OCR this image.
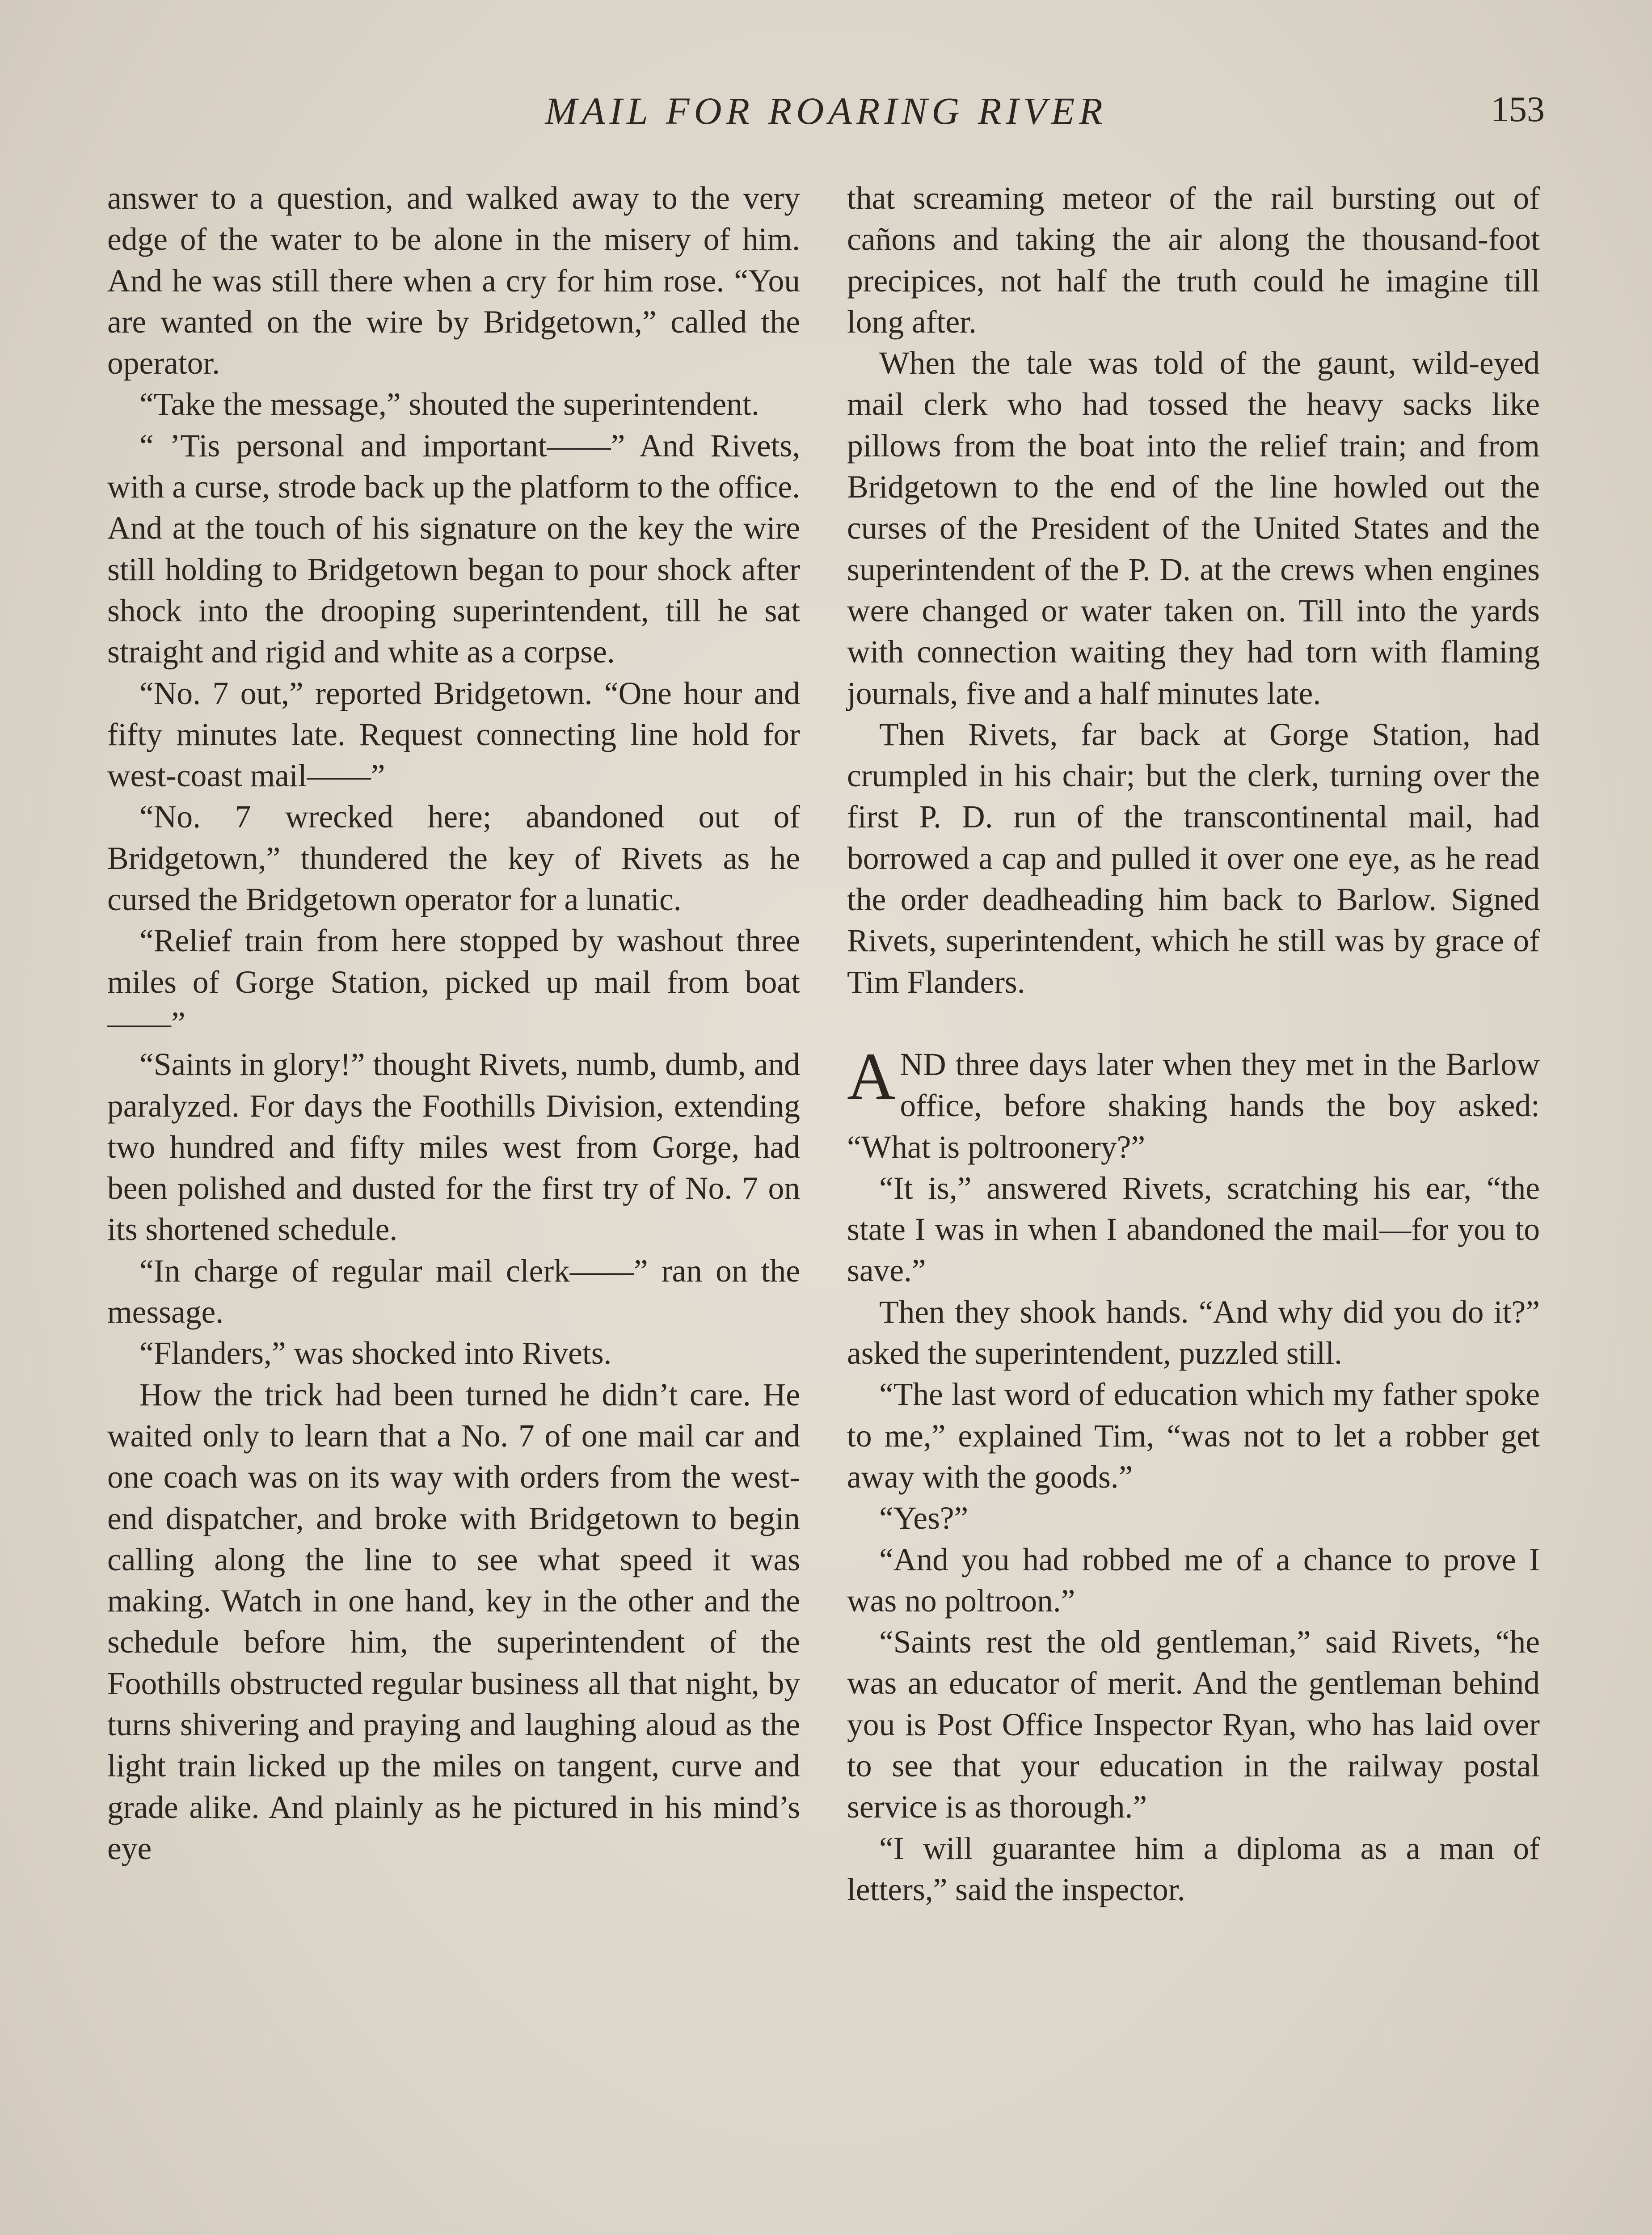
MAIL FOR ROARING RIVER	153

answer to a question, and walked away to the very edge of the water to be alone in the misery of him. And he was still there when a cry for him rose. “You are wanted on the wire by Bridgetown,” called the operator.

“Take the message,” shouted the superintendent.

“ ’Tis personal and important——” And Rivets, with a curse, strode back up the platform to the office. And at the touch of his signature on the key the wire still holding to Bridgetown began to pour shock after shock into the drooping superintendent, till he sat straight and rigid and white as a corpse.

“No. 7 out,” reported Bridgetown. “One hour and fifty minutes late. Request connecting line hold for west-coast mail——”

“No. 7 wrecked here; abandoned out of Bridgetown,” thundered the key of Rivets as he cursed the Bridgetown operator for a lunatic.

“Relief train from here stopped by washout three miles of Gorge Station, picked up mail from boat——”

“Saints in glory!” thought Rivets, numb, dumb, and paralyzed. For days the Foothills Division, extending two hundred and fifty miles west from Gorge, had been polished and dusted for the first try of No. 7 on its shortened schedule.

“In charge of regular mail clerk——” ran on the message.

“Flanders,” was shocked into Rivets.

How the trick had been turned he didn’t care. He waited only to learn that a No. 7 of one mail car and one coach was on its way with orders from the west-end dispatcher, and broke with Bridgetown to begin calling along the line to see what speed it was making. Watch in one hand, key in the other and the schedule before him, the superintendent of the Foothills obstructed regular business all that night, by turns shivering and praying and laughing aloud as the light train licked up the miles on tangent, curve and grade alike. And plainly as he pictured in his mind’s eye

that screaming meteor of the rail bursting out of cañons and taking the air along the thousand-foot precipices, not half the truth could he imagine till long after.

When the tale was told of the gaunt, wild-eyed mail clerk who had tossed the heavy sacks like pillows from the boat into the relief train; and from Bridgetown to the end of the line howled out the curses of the President of the United States and the superintendent of the P. D. at the crews when engines were changed or water taken on. Till into the yards with connection waiting they had torn with flaming journals, five and a half minutes late.

Then Rivets, far back at Gorge Station, had crumpled in his chair; but the clerk, turning over the first P. D. run of the transcontinental mail, had borrowed a cap and pulled it over one eye, as he read the order deadheading him back to Barlow. Signed Rivets, superintendent, which he still was by grace of Tim Flanders.

AND three days later when they met in the Barlow office, before shaking hands the boy asked: “What is poltroonery?”

“It is,” answered Rivets, scratching his ear, “the state I was in when I abandoned the mail—for you to save.”

Then they shook hands. “And why did you do it?” asked the superintendent, puzzled still.

“The last word of education which my father spoke to me,” explained Tim, “was not to let a robber get away with the goods.”

“Yes?”

“And you had robbed me of a chance to prove I was no poltroon.”

“Saints rest the old gentleman,” said Rivets, “he was an educator of merit. And the gentleman behind you is Post Office Inspector Ryan, who has laid over to see that your education in the railway postal service is as thorough.”

“I will guarantee him a diploma as a man of letters,” said the inspector.
